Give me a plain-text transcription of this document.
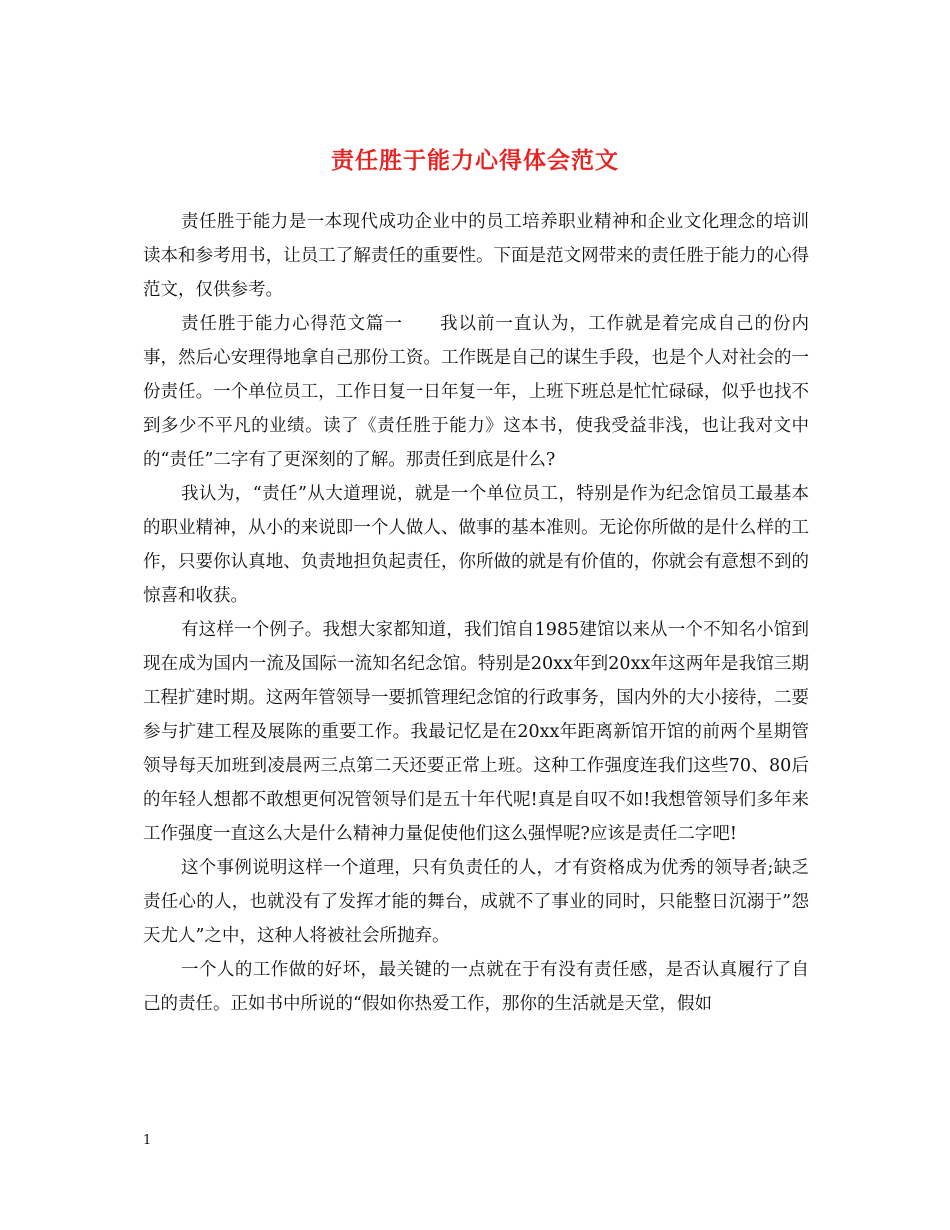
责任胜于能力心得体会范文

责任胜于能力是一本现代成功企业中的员工培养职业精神和企业文化理念的培训读本和参考用书，让员工了解责任的重要性。下面是范文网带来的责任胜于能力的心得范文，仅供参考。

责任胜于能力心得范文篇一　　我以前一直认为，工作就是着完成自己的份内事，然后心安理得地拿自己那份工资。工作既是自己的谋生手段，也是个人对社会的一份责任。一个单位员工，工作日复一日年复一年，上班下班总是忙忙碌碌，似乎也找不到多少不平凡的业绩。读了《责任胜于能力》这本书，使我受益非浅，也让我对文中的“责任”二字有了更深刻的了解。那责任到底是什么?

我认为，“责任”从大道理说，就是一个单位员工，特别是作为纪念馆员工最基本的职业精神，从小的来说即一个人做人、做事的基本准则。无论你所做的是什么样的工作，只要你认真地、负责地担负起责任，你所做的就是有价值的，你就会有意想不到的惊喜和收获。

有这样一个例子。我想大家都知道，我们馆自1985建馆以来从一个不知名小馆到现在成为国内一流及国际一流知名纪念馆。特别是20xx年到20xx年这两年是我馆三期工程扩建时期。这两年管领导一要抓管理纪念馆的行政事务，国内外的大小接待，二要参与扩建工程及展陈的重要工作。我最记忆是在20xx年距离新馆开馆的前两个星期管领导每天加班到凌晨两三点第二天还要正常上班。这种工作强度连我们这些70、80后的年轻人想都不敢想更何况管领导们是五十年代呢!真是自叹不如!我想管领导们多年来工作强度一直这么大是什么精神力量促使他们这么强悍呢?应该是责任二字吧!

这个事例说明这样一个道理，只有负责任的人，才有资格成为优秀的领导者;缺乏责任心的人，也就没有了发挥才能的舞台，成就不了事业的同时，只能整日沉溺于”怨天尤人”之中，这种人将被社会所抛弃。

一个人的工作做的好坏，最关键的一点就在于有没有责任感，是否认真履行了自己的责任。正如书中所说的“假如你热爱工作，那你的生活就是天堂，假如

1
